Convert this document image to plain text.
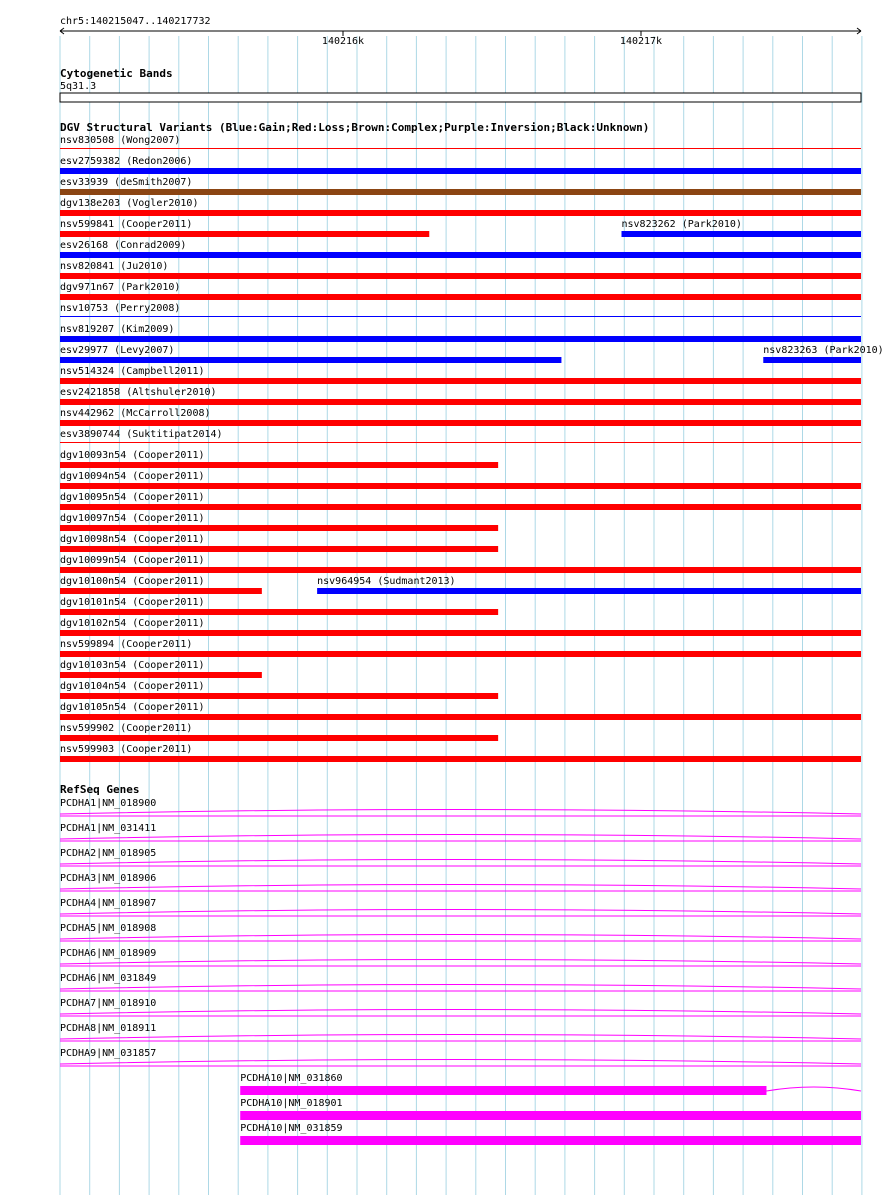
chr5:140215047..140217732
140216k	140217k
Cytogenetic Bands
5q31.3
DGV Structural Variants (Blue:Gain;Red:Loss;Brown:Complex;Purple:Inversion;Black:Unknown)
nsv830508 (Wong2007)
esv2759382 (Redon2006)
esv33939 (deSmith2007)
dgv138e203 (Vogler2010)
nsv599841 (Cooper2011)	nsv823262 (Park2010)
esv26168 (Conrad2009)
nsv820841 (Ju2010)
dgv971n67 (Park2010)
nsv10753 (Perry2008)
nsv819207 (Kim2009)
esv29977 (Levy2007)	nsv823263 (Park2010)
nsv514324 (Campbell2011)
esv2421858 (Altshuler2010)
nsv442962 (McCarroll2008)
esv3890744 (Suktitipat2014)
dgv10093n54 (Cooper2011)
dgv10094n54 (Cooper2011)
dgv10095n54 (Cooper2011)
dgv10097n54 (Cooper2011)
dgv10098n54 (Cooper2011)
dgv10099n54 (Cooper2011)
dgv10100n54 (Cooper2011)	nsv964954 (Sudmant2013)
dgv10101n54 (Cooper2011)
dgv10102n54 (Cooper2011)
nsv599894 (Cooper2011)
dgv10103n54 (Cooper2011)
dgv10104n54 (Cooper2011)
dgv10105n54 (Cooper2011)
nsv599902 (Cooper2011)
nsv599903 (Cooper2011)
RefSeq Genes
PCDHA1|NM_018900
PCDHA1|NM_031411
PCDHA2|NM_018905
PCDHA3|NM_018906
PCDHA4|NM_018907
PCDHA5|NM_018908
PCDHA6|NM_018909
PCDHA6|NM_031849
PCDHA7|NM_018910
PCDHA8|NM_018911
PCDHA9|NM_031857
PCDHA10|NM_031860
PCDHA10|NM_018901
PCDHA10|NM_031859
